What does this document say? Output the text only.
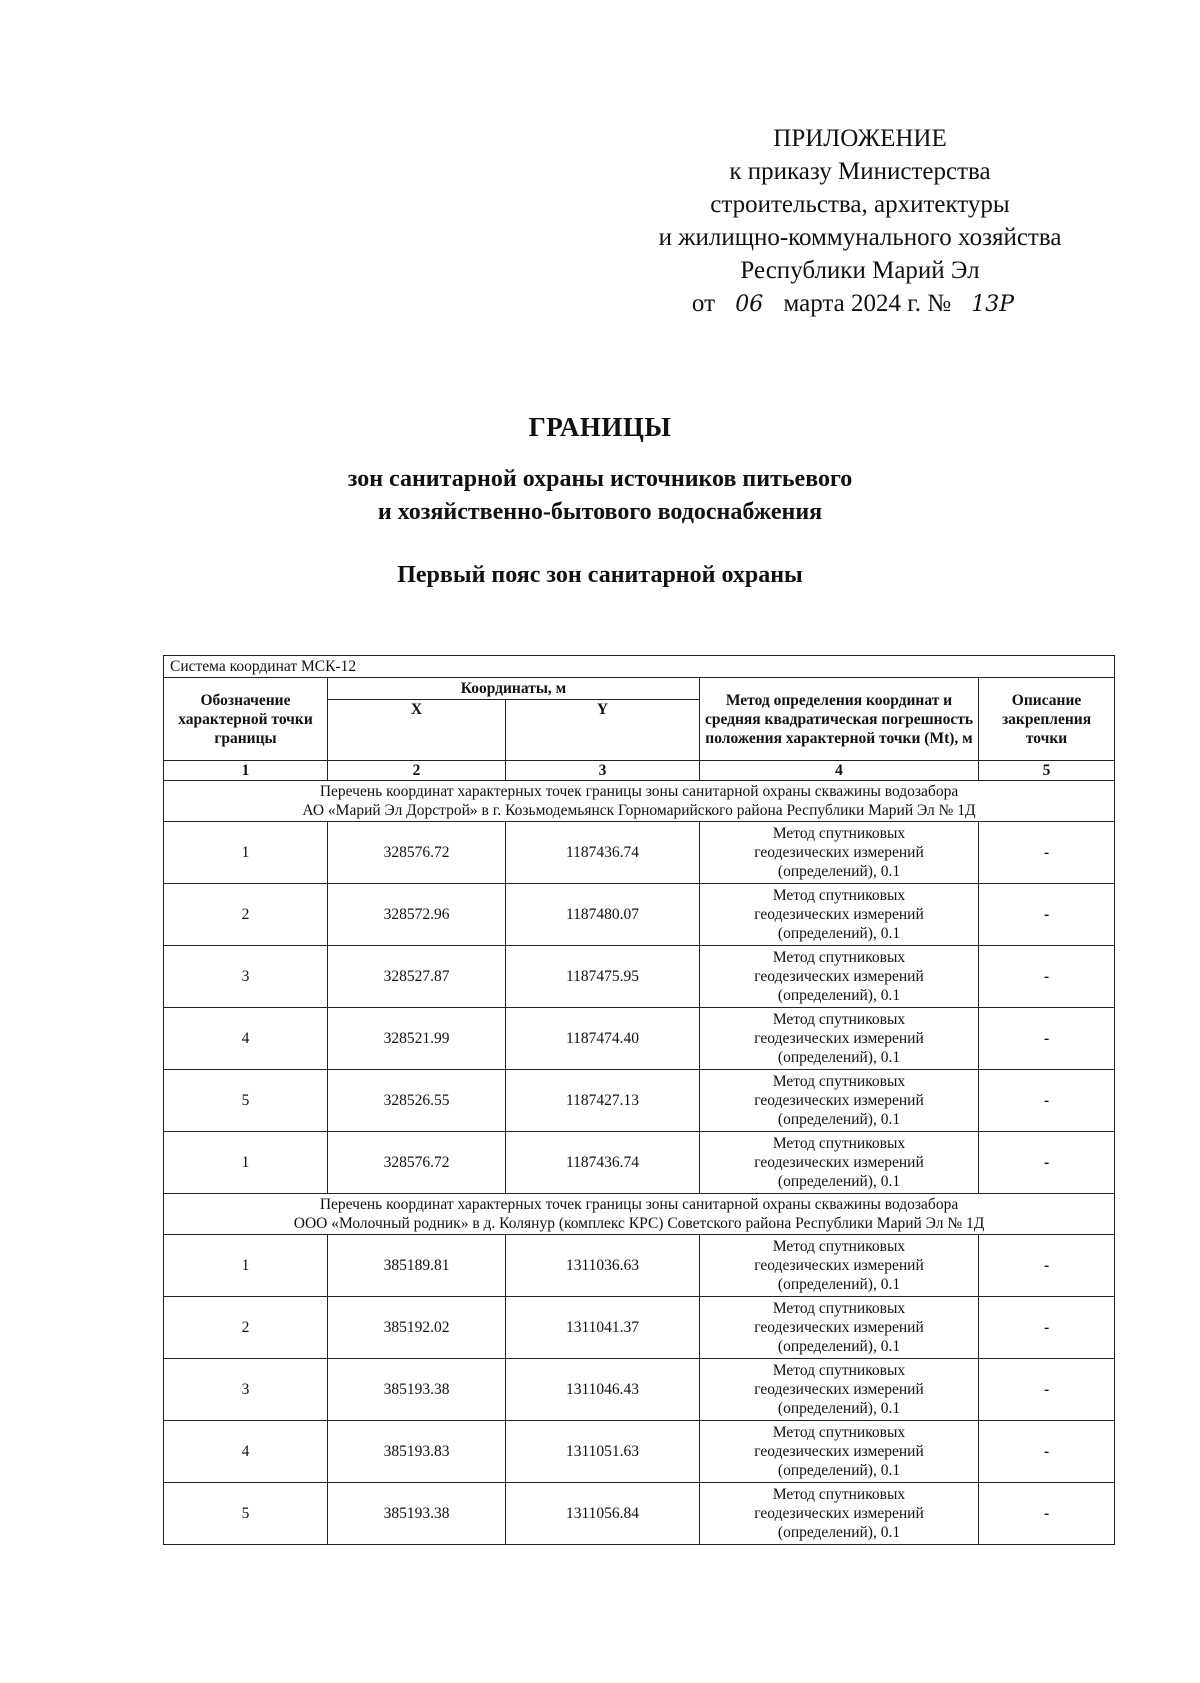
ПРИЛОЖЕНИЕ
к приказу Министерства
строительства, архитектуры
и жилищно-коммунального хозяйства
Республики Марий Эл
от 06 марта 2024 г. № 13Р
ГРАНИЦЫ
зон санитарной охраны источников питьевого
и хозяйственно-бытового водоснабжения
Первый пояс зон санитарной охраны
Система координат МСК-12				
Обозначение характерной точки границы	Координаты, м		Метод определения координат и средняя квадратическая погрешность положения характерной точки (Mt), м	Описание закрепления точки
	X	Y		
1	2	3	4	5

Перечень координат характерных точек границы зоны санитарной охраны скважины водозабора
АО «Марий Эл Дорстрой» в г. Козьмодемьянск Горномарийского района Республики Марий Эл № 1Д				

1	328576.72	1187436.74	Метод спутниковых
геодезических измерений
(определений), 0.1	-
2	328572.96	1187480.07	Метод спутниковых
геодезических измерений
(определений), 0.1	-
3	328527.87	1187475.95	Метод спутниковых
геодезических измерений
(определений), 0.1	-
4	328521.99	1187474.40	Метод спутниковых
геодезических измерений
(определений), 0.1	-
5	328526.55	1187427.13	Метод спутниковых
геодезических измерений
(определений), 0.1	-
1	328576.72	1187436.74	Метод спутниковых
геодезических измерений
(определений), 0.1	-

Перечень координат характерных точек границы зоны санитарной охраны скважины водозабора
ООО «Молочный родник» в д. Колянур (комплекс КРС) Советского района Республики Марий Эл № 1Д				

1	385189.81	1311036.63	Метод спутниковых
геодезических измерений
(определений), 0.1	-
2	385192.02	1311041.37	Метод спутниковых
геодезических измерений
(определений), 0.1	-
3	385193.38	1311046.43	Метод спутниковых
геодезических измерений
(определений), 0.1	-
4	385193.83	1311051.63	Метод спутниковых
геодезических измерений
(определений), 0.1	-
5	385193.38	1311056.84	Метод спутниковых
геодезических измерений
(определений), 0.1	-
